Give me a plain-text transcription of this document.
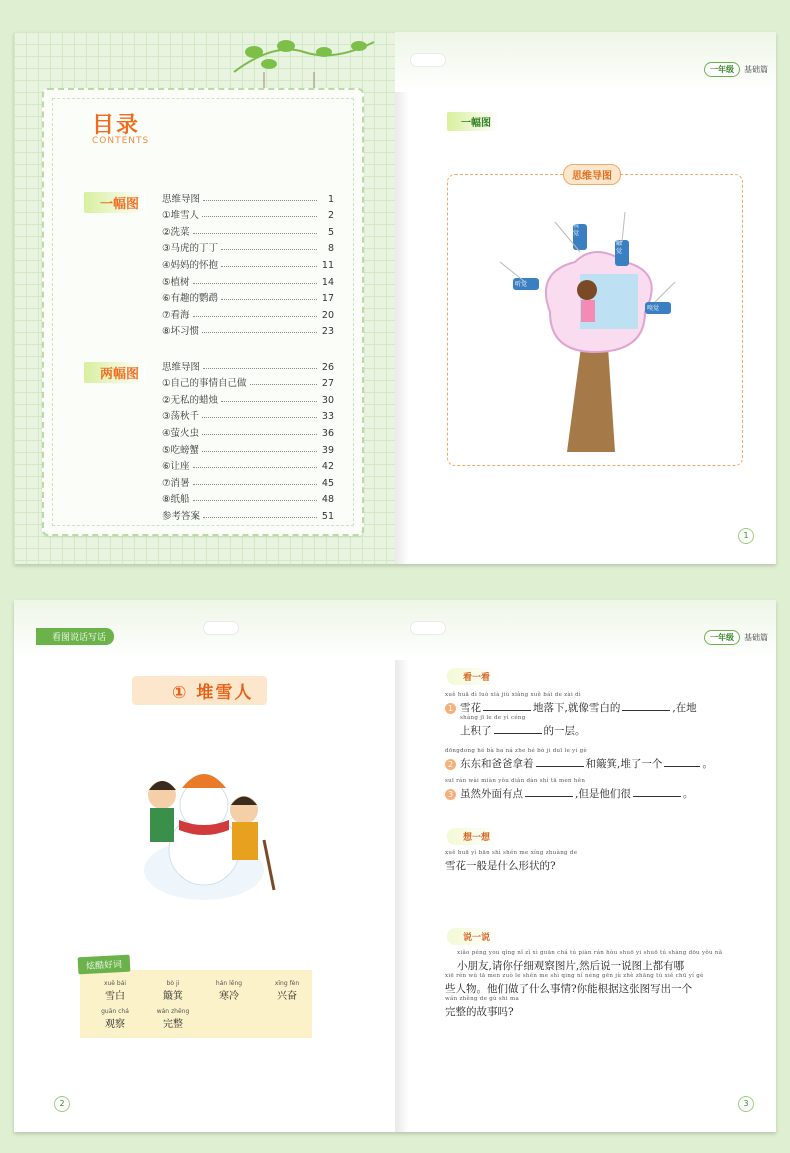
目录
CONTENTS
一幅图	思维导图	1
①堆雪人	2
②洗菜	5
③马虎的丁丁	8
④妈妈的怀抱	11
⑤植树	14
⑥有趣的鹦鹉	17
⑦看海	20
⑧坏习惯	23
两幅图	思维导图	26
①自己的事情自己做	27
②无私的蜡烛	30
③荡秋千	33
④萤火虫	36
⑤吃螃蟹	39
⑥让座	42
⑦消暑	45
⑧纸船	48
参考答案	51
一年级	基础篇
一幅图
思维导图
视觉
触觉
嗅觉
听觉
1
看图说话写话
① 堆雪人
炫酷好词
xuě bái
雪白
bò ji
簸箕
hán lěng
寒冷
xīng fèn
兴奋
guān chá
观察
wán zhěng
完整
2
一年级	基础篇
看一看
xuě huā dì luò xià jiù xiàng xuě bái de zài dì
1 雪花	地落下,就像雪白的	,在地
shàng jī le de yì céng
上积了	的一层。
dōngdong hé bà ba ná zhe hé bò ji duī le yí gè
2 东东和爸爸拿着	和簸箕,堆了一个	。
suī rán wài miàn yǒu diǎn dàn shì tā men hěn
3 虽然外面有点	,但是他们很	。
想一想
xuě huā yì bān shì shén me xíng zhuàng de
雪花一般是什么形状的?
说一说
xiǎo péng you qǐng nǐ zǐ xì guān chá tú piàn rán hòu shuō yi shuō tú shàng dōu yǒu nǎ
小朋友,请你仔细观察图片,然后说一说图上都有哪
xiē rén wù tā men zuò le shén me shì qing nǐ néng gēn jù zhè zhāng tú xiě chū yí gè
些人物。他们做了什么事情?你能根据这张图写出一个
wán zhěng de gù shi ma
完整的故事吗?
3
